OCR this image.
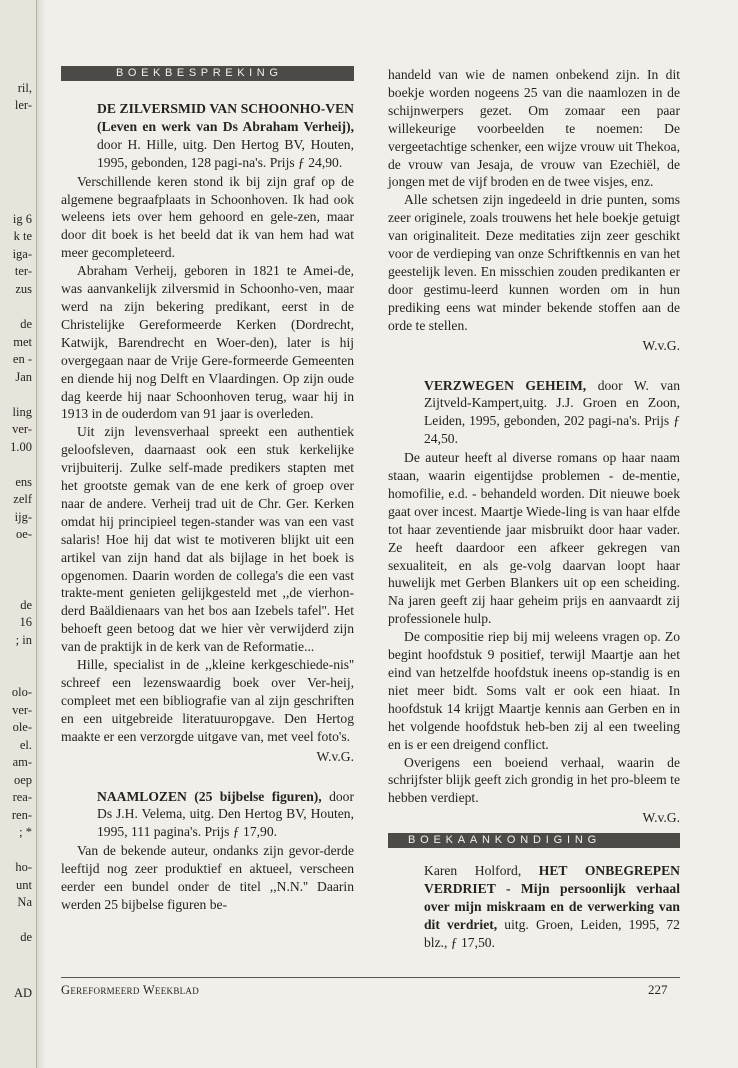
ril,
ler-
ig 6
k te
iga-
ter-
zus
de
met
en -
Jan
ling
ver-
1.00
ens
zelf
ijg-
oe-
de
16
; in
olo-
ver-
ole-
el.
am-
oep
rea-
ren-
; *
ho-
unt
Na
de
AD
BOEKBESPREKING
DE ZILVERSMID VAN SCHOONHO-VEN (Leven en werk van Ds Abraham Verheij), door H. Hille, uitg. Den Hertog BV, Houten, 1995, gebonden, 128 pagi-na's. Prijs ƒ 24,90.

Verschillende keren stond ik bij zijn graf op de algemene begraafplaats in Schoonhoven. Ik had ook weleens iets over hem gehoord en gele-zen, maar door dit boek is het beeld dat ik van hem had wat meer gecompleteerd.

Abraham Verheij, geboren in 1821 te Amei-de, was aanvankelijk zilversmid in Schoonho-ven, maar werd na zijn bekering predikant, eerst in de Christelijke Gereformeerde Kerken (Dordrecht, Katwijk, Barendrecht en Woer-den), later is hij overgegaan naar de Vrije Gere-formeerde Gemeenten en diende hij nog Delft en Vlaardingen. Op zijn oude dag keerde hij naar Schoonhoven terug, waar hij in 1913 in de ouderdom van 91 jaar is overleden.

Uit zijn levensverhaal spreekt een authentiek geloofsleven, daarnaast ook een stuk kerkelijke vrijbuiterij. Zulke self-made predikers stapten met het grootste gemak van de ene kerk of groep over naar de andere. Verheij trad uit de Chr. Ger. Kerken omdat hij principieel tegen-stander was van een vast salaris! Hoe hij dat wist te motiveren blijkt uit een artikel van zijn hand dat als bijlage in het boek is opgenomen. Daarin worden de collega's die een vast trakte-ment genieten gelijkgesteld met ,,de vierhon-derd Baäldienaars van het bos aan Izebels tafel''. Het behoeft geen betoog dat we hier vèr verwijderd zijn van de praktijk in de kerk van de Reformatie...

Hille, specialist in de ,,kleine kerkgeschiede-nis'' schreef een lezenswaardig boek over Ver-heij, compleet met een bibliografie van al zijn geschriften en een uitgebreide literatuuropgave. Den Hertog maakte er een verzorgde uitgave van, met veel foto's.

W.v.G.
NAAMLOZEN (25 bijbelse figuren), door Ds J.H. Velema, uitg. Den Hertog BV, Houten, 1995, 111 pagina's. Prijs ƒ 17,90.

Van de bekende auteur, ondanks zijn gevor-derde leeftijd nog zeer produktief en aktueel, verscheen eerder een bundel onder de titel ,,N.N.'' Daarin werden 25 bijbelse figuren be-

handeld van wie de namen onbekend zijn. In dit boekje worden nogeens 25 van die naamlozen in de schijnwerpers gezet. Om zomaar een paar willekeurige voorbeelden te noemen: De vergeetachtige schenker, een wijze vrouw uit Thekoa, de vrouw van Jesaja, de vrouw van Ezechiël, de jongen met de vijf broden en de twee visjes, enz.

Alle schetsen zijn ingedeeld in drie punten, soms zeer originele, zoals trouwens het hele boekje getuigt van originaliteit. Deze meditaties zijn zeer geschikt voor de verdieping van onze Schriftkennis en van het geestelijk leven. En misschien zouden predikanten er door gestimu-leerd kunnen worden om in hun prediking eens wat minder bekende stoffen aan de orde te stellen.

W.v.G.
VERZWEGEN GEHEIM, door W. van Zijtveld-Kampert,uitg. J.J. Groen en Zoon, Leiden, 1995, gebonden, 202 pagi-na's. Prijs ƒ 24,50.

De auteur heeft al diverse romans op haar naam staan, waarin eigentijdse problemen - de-mentie, homofilie, e.d. - behandeld worden. Dit nieuwe boek gaat over incest. Maartje Wiede-ling is van haar elfde tot haar zeventiende jaar misbruikt door haar vader. Ze heeft daardoor een afkeer gekregen van sexualiteit, en als ge-volg daarvan loopt haar huwelijk met Gerben Blankers uit op een scheiding. Na jaren geeft zij haar geheim prijs en aanvaardt zij professionele hulp.

De compositie riep bij mij weleens vragen op. Zo begint hoofdstuk 9 positief, terwijl Maartje aan het eind van hetzelfde hoofdstuk ineens op-standig is en niet meer bidt. Soms valt er ook een hiaat. In hoofdstuk 14 krijgt Maartje kennis aan Gerben en in het volgende hoofdstuk heb-ben zij al een tweeling en is er een dreigend conflict.

Overigens een boeiend verhaal, waarin de schrijfster blijk geeft zich grondig in het pro-bleem te hebben verdiept.

W.v.G.
BOEKAANKONDIGING
Karen Holford, HET ONBEGREPEN VERDRIET - Mijn persoonlijk verhaal over mijn miskraam en de verwerking van dit verdriet, uitg. Groen, Leiden, 1995, 72 blz., ƒ 17,50.
Gereformeerd Weekblad	227
